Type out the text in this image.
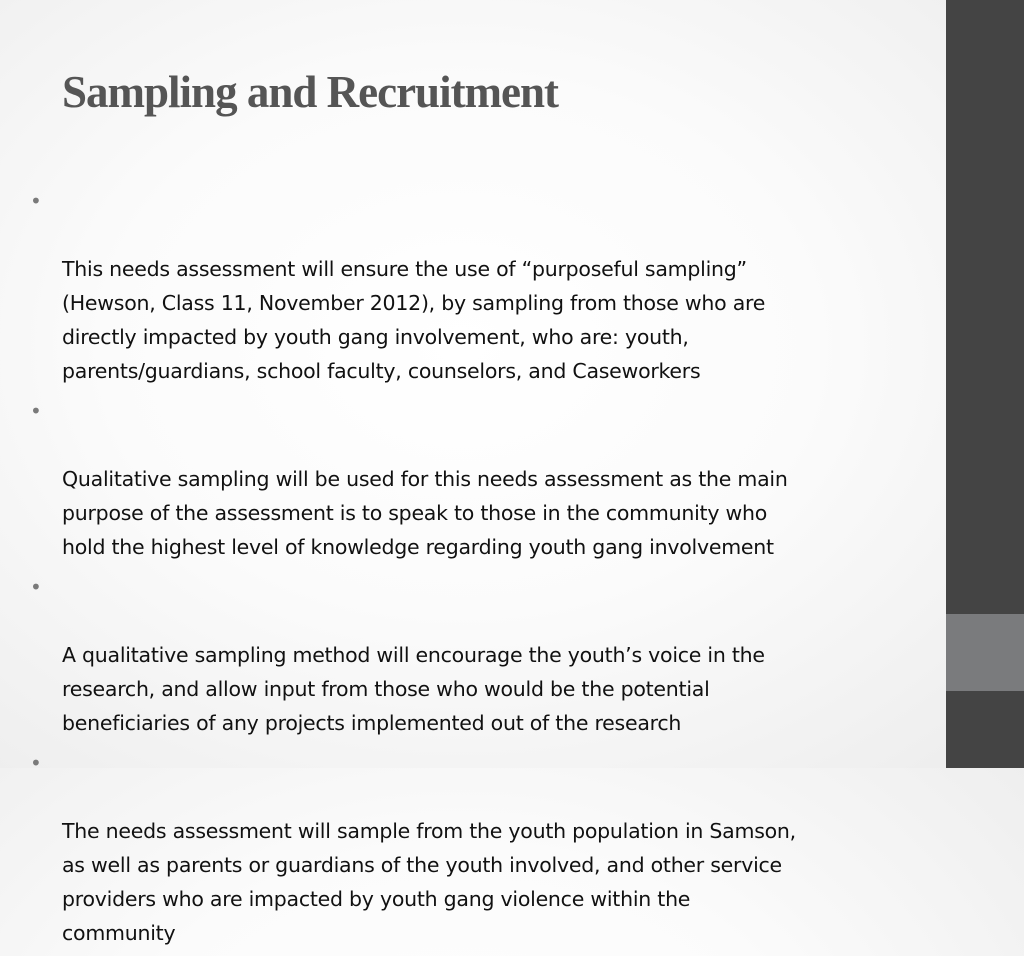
Sampling and Recruitment

•

This needs assessment will ensure the use of “purposeful sampling”
(Hewson, Class 11, November 2012), by sampling from those who are
directly impacted by youth gang involvement, who are: youth,
parents/guardians, school faculty, counselors, and Caseworkers

•

Qualitative sampling will be used for this needs assessment as the main
purpose of the assessment is to speak to those in the community who
hold the highest level of knowledge regarding youth gang involvement

•

A qualitative sampling method will encourage the youth’s voice in the
research, and allow input from those who would be the potential
beneficiaries of any projects implemented out of the research

•

The needs assessment will sample from the youth population in Samson,
as well as parents or guardians of the youth involved, and other service
providers who are impacted by youth gang violence within the
community
